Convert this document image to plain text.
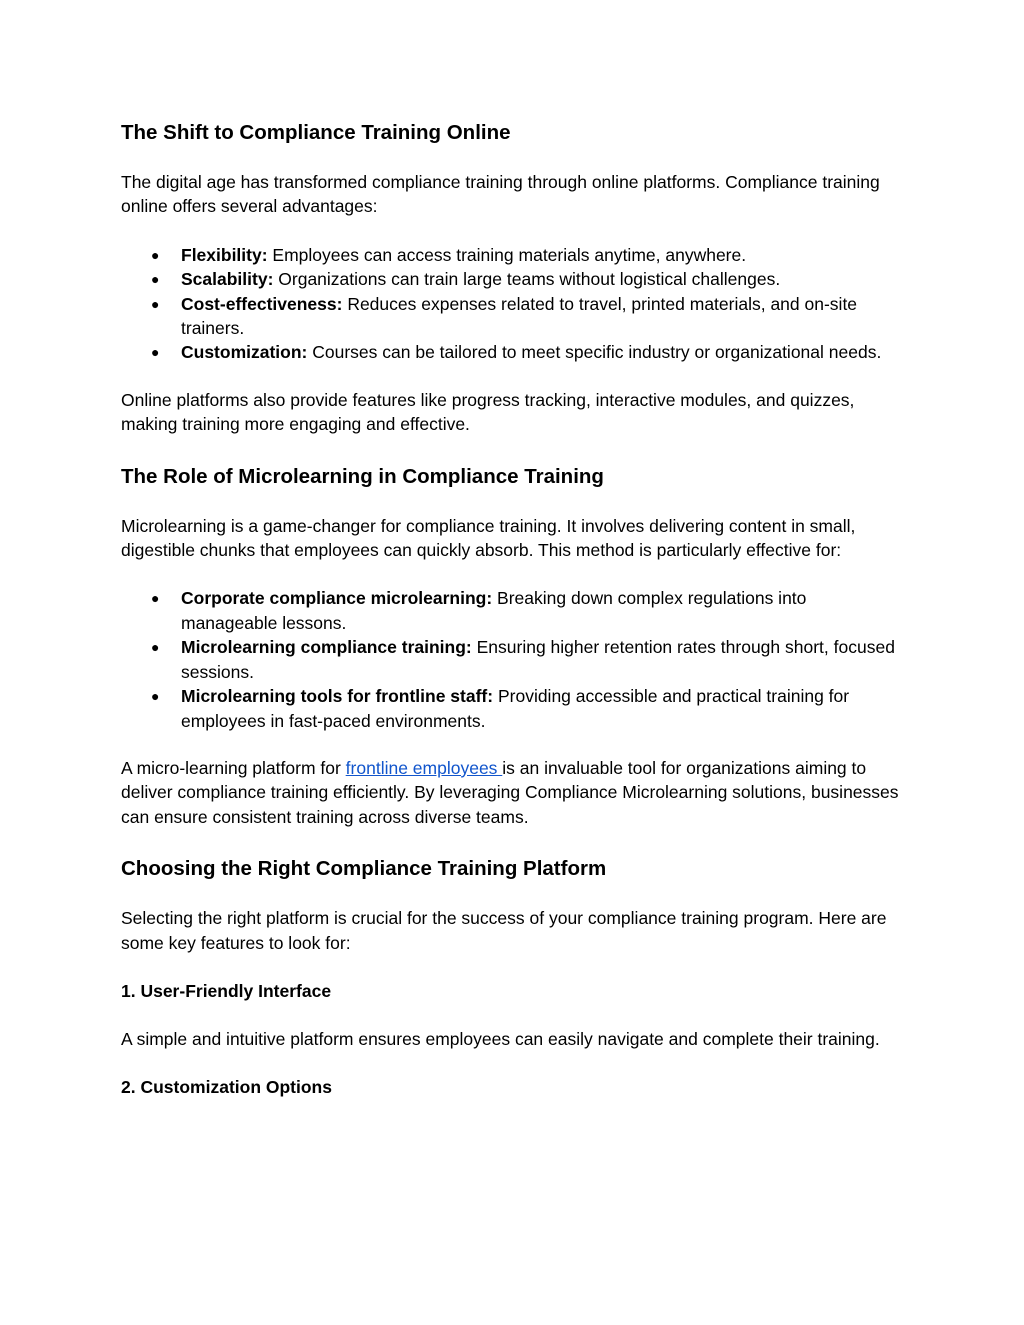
The Shift to Compliance Training Online

The digital age has transformed compliance training through online platforms. Compliance training online offers several advantages:

● Flexibility: Employees can access training materials anytime, anywhere.
● Scalability: Organizations can train large teams without logistical challenges.
● Cost-effectiveness: Reduces expenses related to travel, printed materials, and on-site trainers.
● Customization: Courses can be tailored to meet specific industry or organizational needs.

Online platforms also provide features like progress tracking, interactive modules, and quizzes, making training more engaging and effective.

The Role of Microlearning in Compliance Training

Microlearning is a game-changer for compliance training. It involves delivering content in small, digestible chunks that employees can quickly absorb. This method is particularly effective for:

● Corporate compliance microlearning: Breaking down complex regulations into manageable lessons.
● Microlearning compliance training: Ensuring higher retention rates through short, focused sessions.
● Microlearning tools for frontline staff: Providing accessible and practical training for employees in fast-paced environments.

A micro-learning platform for frontline employees is an invaluable tool for organizations aiming to deliver compliance training efficiently. By leveraging Compliance Microlearning solutions, businesses can ensure consistent training across diverse teams.

Choosing the Right Compliance Training Platform

Selecting the right platform is crucial for the success of your compliance training program. Here are some key features to look for:

1. User-Friendly Interface

A simple and intuitive platform ensures employees can easily navigate and complete their training.

2. Customization Options
